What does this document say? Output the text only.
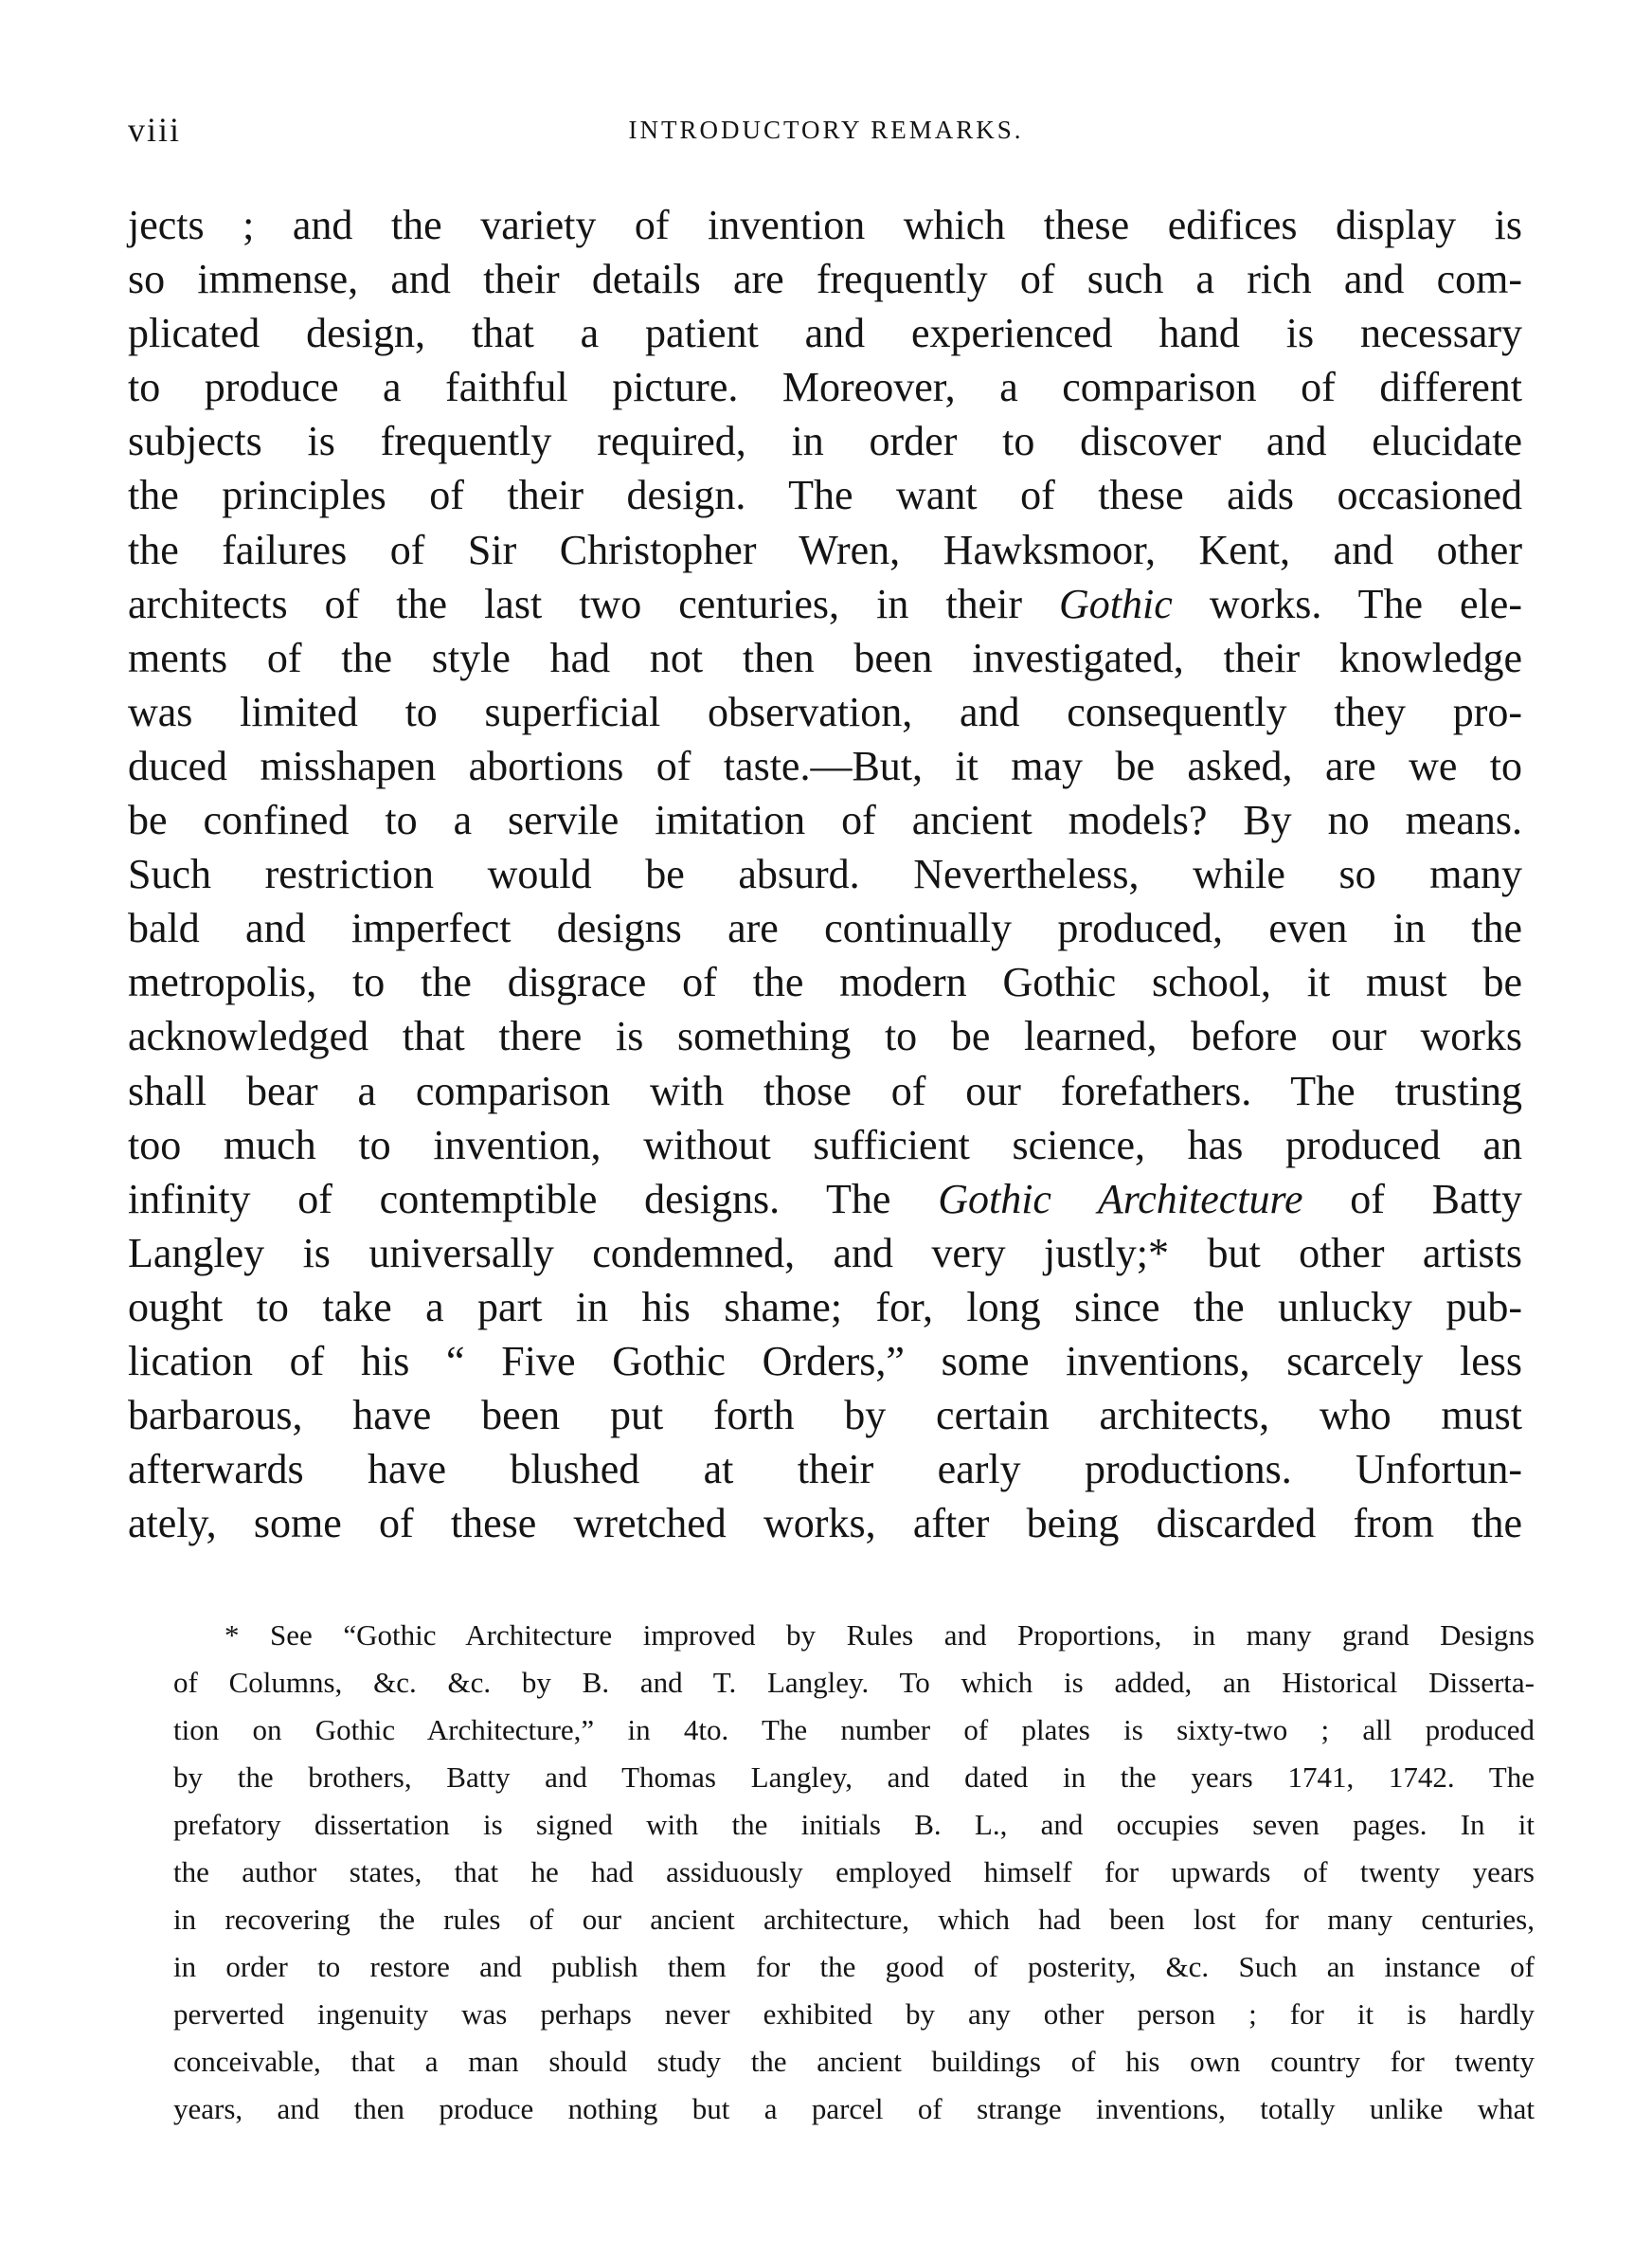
viii	INTRODUCTORY REMARKS.
jects ; and the variety of invention which these edifices display is
so immense, and their details are frequently of such a rich and com-
plicated design, that a patient and experienced hand is necessary
to produce a faithful picture. Moreover, a comparison of different
subjects is frequently required, in order to discover and elucidate
the principles of their design. The want of these aids occasioned
the failures of Sir Christopher Wren, Hawksmoor, Kent, and other
architects of the last two centuries, in their Gothic works. The ele-
ments of the style had not then been investigated, their knowledge
was limited to superficial observation, and consequently they pro-
duced misshapen abortions of taste.—But, it may be asked, are we to
be confined to a servile imitation of ancient models? By no means.
Such restriction would be absurd. Nevertheless, while so many
bald and imperfect designs are continually produced, even in the
metropolis, to the disgrace of the modern Gothic school, it must be
acknowledged that there is something to be learned, before our works
shall bear a comparison with those of our forefathers. The trusting
too much to invention, without sufficient science, has produced an
infinity of contemptible designs. The Gothic Architecture of Batty
Langley is universally condemned, and very justly;* but other artists
ought to take a part in his shame; for, long since the unlucky pub-
lication of his “ Five Gothic Orders,” some inventions, scarcely less
barbarous, have been put forth by certain architects, who must
afterwards have blushed at their early productions. Unfortun-
ately, some of these wretched works, after being discarded from the
* See “Gothic Architecture improved by Rules and Proportions, in many grand Designs
of Columns, &c. &c. by B. and T. Langley. To which is added, an Historical Disserta-
tion on Gothic Architecture,” in 4to. The number of plates is sixty-two ; all produced
by the brothers, Batty and Thomas Langley, and dated in the years 1741, 1742. The
prefatory dissertation is signed with the initials B. L., and occupies seven pages. In it
the author states, that he had assiduously employed himself for upwards of twenty years
in recovering the rules of our ancient architecture, which had been lost for many centuries,
in order to restore and publish them for the good of posterity, &c. Such an instance of
perverted ingenuity was perhaps never exhibited by any other person ; for it is hardly
conceivable, that a man should study the ancient buildings of his own country for twenty
years, and then produce nothing but a parcel of strange inventions, totally unlike what
